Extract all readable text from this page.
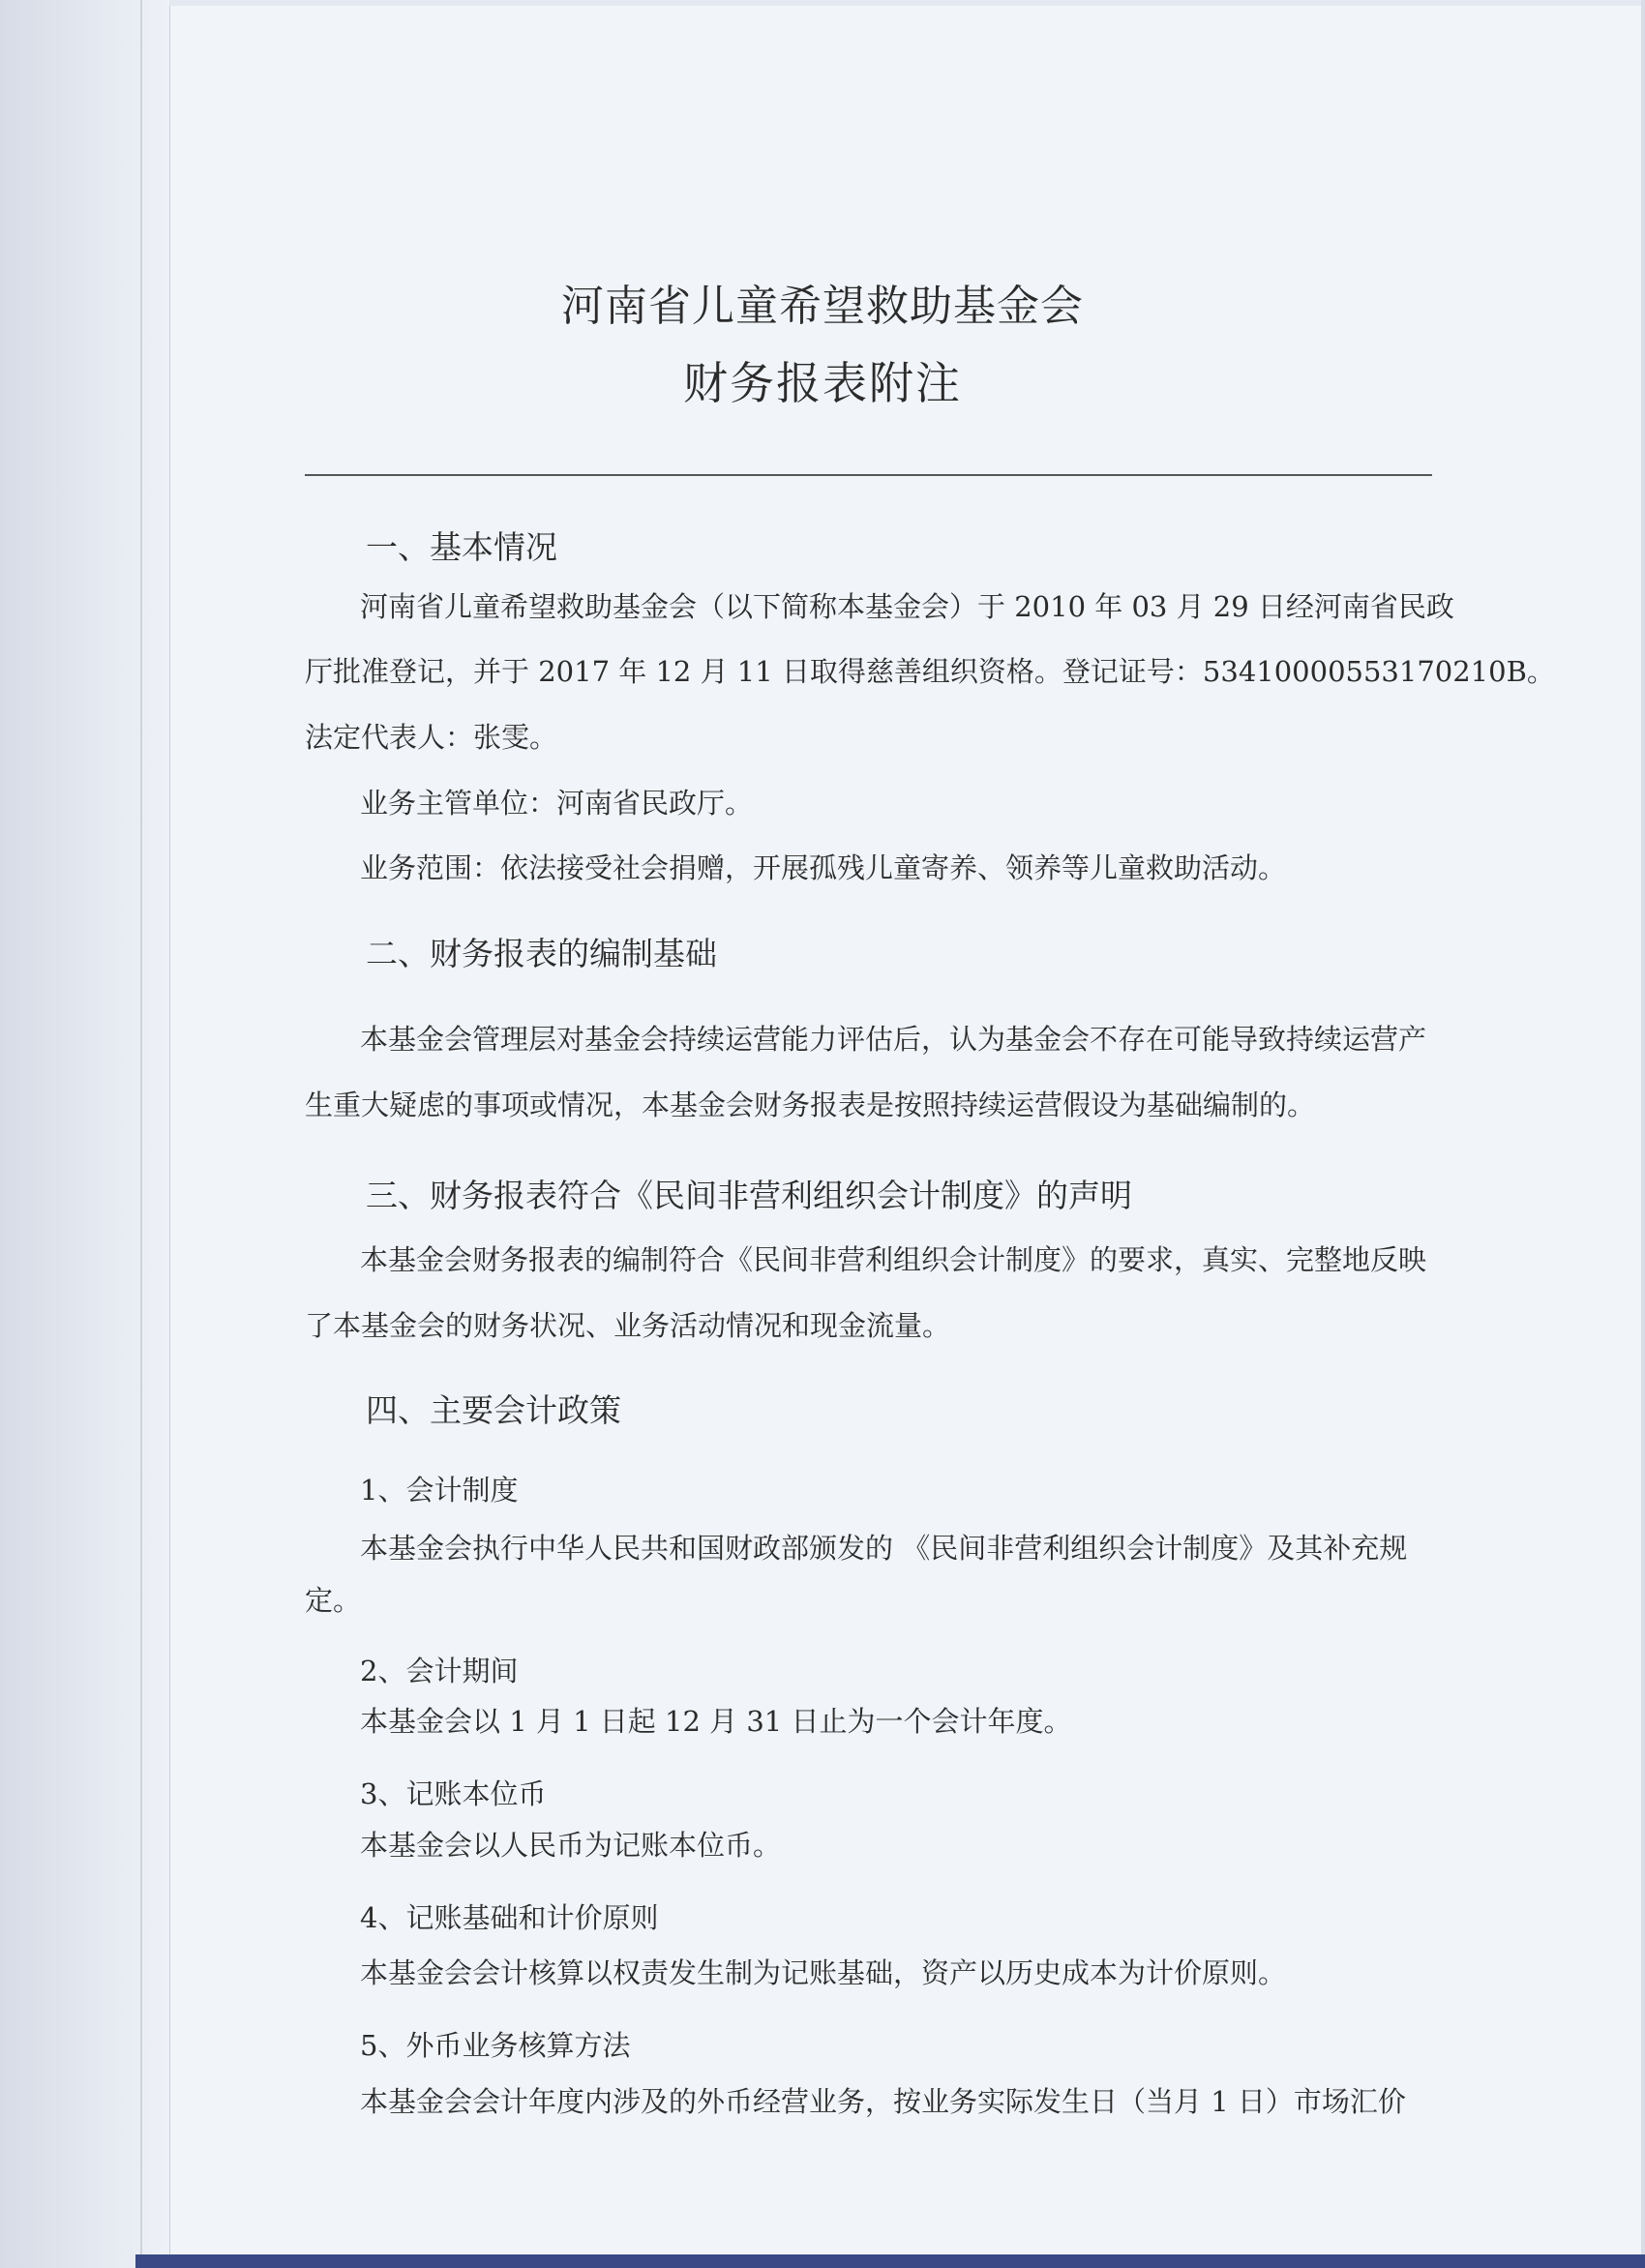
河南省儿童希望救助基金会
财务报表附注
一、基本情况

河南省儿童希望救助基金会（以下简称本基金会）于 2010 年 03 月 29 日经河南省民政

厅批准登记，并于 2017 年 12 月 11 日取得慈善组织资格。登记证号：53410000553170210B。

法定代表人：张雯。

业务主管单位：河南省民政厅。

业务范围：依法接受社会捐赠，开展孤残儿童寄养、领养等儿童救助活动。

二、财务报表的编制基础

本基金会管理层对基金会持续运营能力评估后，认为基金会不存在可能导致持续运营产

生重大疑虑的事项或情况，本基金会财务报表是按照持续运营假设为基础编制的。

三、财务报表符合《民间非营利组织会计制度》的声明

本基金会财务报表的编制符合《民间非营利组织会计制度》的要求，真实、完整地反映

了本基金会的财务状况、业务活动情况和现金流量。

四、主要会计政策
1、会计制度

本基金会执行中华人民共和国财政部颁发的 《民间非营利组织会计制度》及其补充规

定。

2、会计期间

本基金会以 1 月 1 日起 12 月 31 日止为一个会计年度。

3、记账本位币

本基金会以人民币为记账本位币。

4、记账基础和计价原则

本基金会会计核算以权责发生制为记账基础，资产以历史成本为计价原则。

5、外币业务核算方法

本基金会会计年度内涉及的外币经营业务，按业务实际发生日（当月 1 日）市场汇价
